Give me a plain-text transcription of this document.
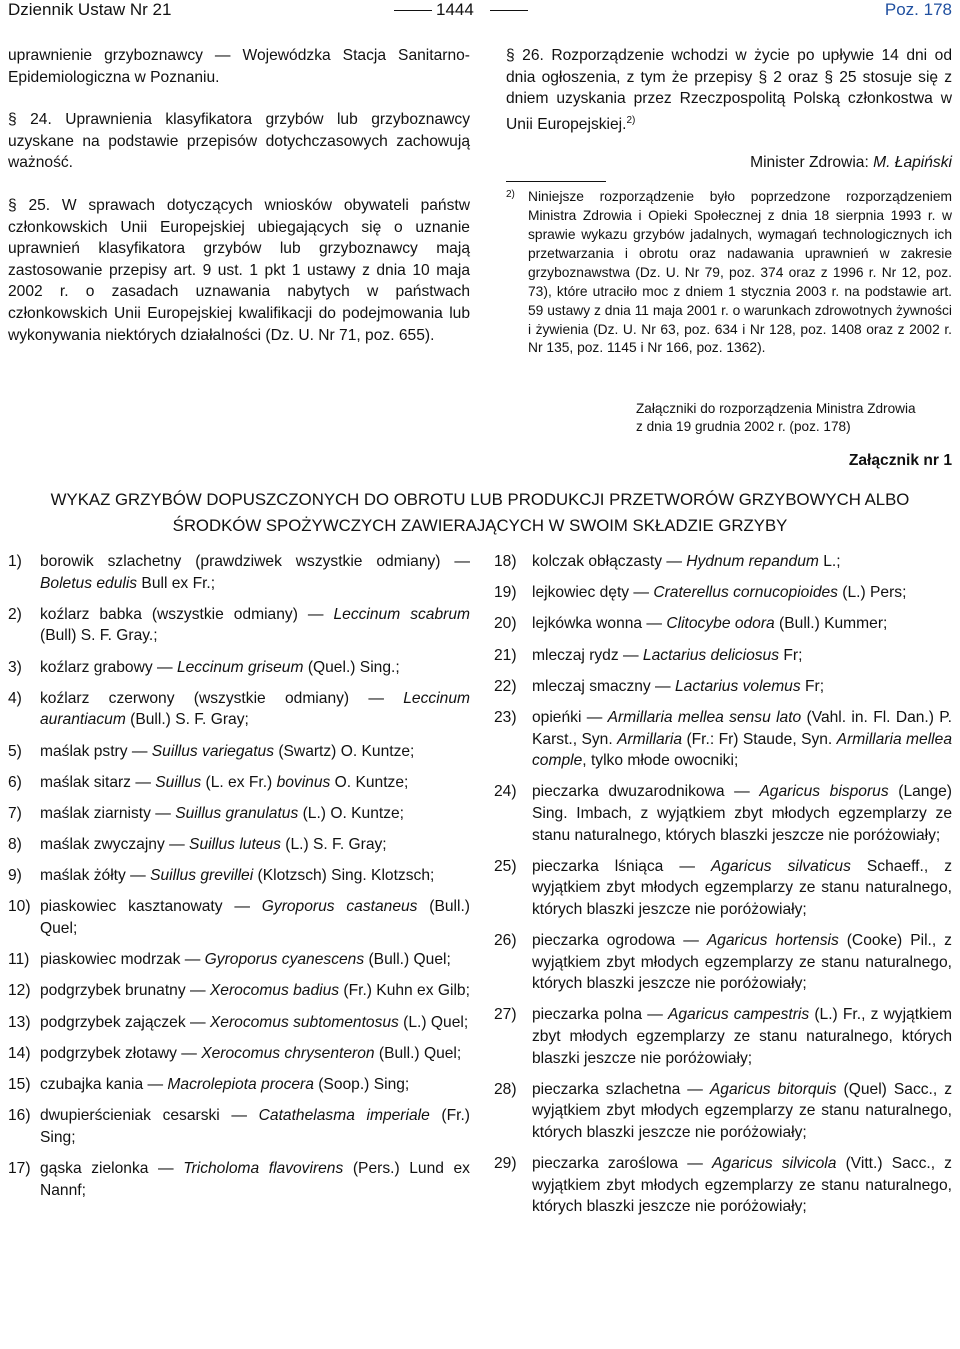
Dziennik Ustaw Nr 21	1444	Poz. 178

uprawnienie grzyboznawcy — Wojewódzka Stacja Sanitarno-Epidemiologiczna w Poznaniu.

§ 24. Uprawnienia klasyfikatora grzybów lub grzyboznawcy uzyskane na podstawie przepisów dotychczasowych zachowują ważność.

§ 25. W sprawach dotyczących wniosków obywateli państw członkowskich Unii Europejskiej ubiegających się o uznanie uprawnień klasyfikatora grzybów lub grzyboznawcy mają zastosowanie przepisy art. 9 ust. 1 pkt 1 ustawy z dnia 10 maja 2002 r. o zasadach uznawania nabytych w państwach członkowskich Unii Europejskiej kwalifikacji do podejmowania lub wykonywania niektórych działalności (Dz. U. Nr 71, poz. 655).

§ 26. Rozporządzenie wchodzi w życie po upływie 14 dni od dnia ogłoszenia, z tym że przepisy § 2 oraz § 25 stosuje się z dniem uzyskania przez Rzeczpospolitą Polską członkostwa w Unii Europejskiej.$^{2)}$

Minister Zdrowia: M. Łapiński
2) Niniejsze rozporządzenie było poprzedzone rozporządzeniem Ministra Zdrowia i Opieki Społecznej z dnia 18 sierpnia 1993 r. w sprawie wykazu grzybów jadalnych, wymagań technologicznych ich przetwarzania i obrotu oraz nadawania uprawnień w zakresie grzyboznawstwa (Dz. U. Nr 79, poz. 374 oraz z 1996 r. Nr 12, poz. 73), które utraciło moc z dniem 1 stycznia 2003 r. na podstawie art. 59 ustawy z dnia 11 maja 2001 r. o warunkach zdrowotnych żywności i żywienia (Dz. U. Nr 63, poz. 634 i Nr 128, poz. 1408 oraz z 2002 r. Nr 135, poz. 1145 i Nr 166, poz. 1362).
Załączniki do rozporządzenia Ministra Zdrowia
z dnia 19 grudnia 2002 r. (poz. 178)
Załącznik nr 1
WYKAZ GRZYBÓW DOPUSZCZONYCH DO OBROTU LUB PRODUKCJI PRZETWORÓW GRZYBOWYCH ALBO
ŚRODKÓW SPOŻYWCZYCH ZAWIERAJĄCYCH W SWOIM SKŁADZIE GRZYBY
1) borowik szlachetny (prawdziwek wszystkie odmiany) — Boletus edulis Bull ex Fr.;
2) koźlarz babka (wszystkie odmiany) — Leccinum scabrum (Bull) S. F. Gray.;
3) koźlarz grabowy — Leccinum griseum (Quel.) Sing.;
4) koźlarz czerwony (wszystkie odmiany) — Leccinum aurantiacum (Bull.) S. F. Gray;
5) maślak pstry — Suillus variegatus (Swartz) O. Kuntze;
6) maślak sitarz — Suillus (L. ex Fr.) bovinus O. Kuntze;
7) maślak ziarnisty — Suillus granulatus (L.) O. Kuntze;
8) maślak zwyczajny — Suillus luteus (L.) S. F. Gray;
9) maślak żółty — Suillus grevillei (Klotzsch) Sing. Klotzsch;
10) piaskowiec kasztanowaty — Gyroporus castaneus (Bull.) Quel;
11) piaskowiec modrzak — Gyroporus cyanescens (Bull.) Quel;
12) podgrzybek brunatny — Xerocomus badius (Fr.) Kuhn ex Gilb;
13) podgrzybek zajączek — Xerocomus subtomentosus (L.) Quel;
14) podgrzybek złotawy — Xerocomus chrysenteron (Bull.) Quel;
15) czubajka kania — Macrolepiota procera (Soop.) Sing;
16) dwupierścieniak cesarski — Catathelasma imperiale (Fr.) Sing;
17) gąska zielonka — Tricholoma flavovirens (Pers.) Lund ex Nannf;
18) kolczak obłączasty — Hydnum repandum L.;
19) lejkowiec dęty — Craterellus cornucopioides (L.) Pers;
20) lejkówka wonna — Clitocybe odora (Bull.) Kummer;
21) mleczaj rydz — Lactarius deliciosus Fr;
22) mleczaj smaczny — Lactarius volemus Fr;
23) opieńki — Armillaria mellea sensu lato (Vahl. in. Fl. Dan.) P. Karst., Syn. Armillaria (Fr.: Fr) Staude, Syn. Armillaria mellea comple, tylko młode owocniki;
24) pieczarka dwuzarodnikowa — Agaricus bisporus (Lange) Sing. Imbach, z wyjątkiem zbyt młodych egzemplarzy ze stanu naturalnego, których blaszki jeszcze nie poróżowiały;
25) pieczarka lśniąca — Agaricus silvaticus Schaeff., z wyjątkiem zbyt młodych egzemplarzy ze stanu naturalnego, których blaszki jeszcze nie poróżowiały;
26) pieczarka ogrodowa — Agaricus hortensis (Cooke) Pil., z wyjątkiem zbyt młodych egzemplarzy ze stanu naturalnego, których blaszki jeszcze nie poróżowiały;
27) pieczarka polna — Agaricus campestris (L.) Fr., z wyjątkiem zbyt młodych egzemplarzy ze stanu naturalnego, których blaszki jeszcze nie poróżowiały;
28) pieczarka szlachetna — Agaricus bitorquis (Quel) Sacc., z wyjątkiem zbyt młodych egzemplarzy ze stanu naturalnego, których blaszki jeszcze nie poróżowiały;
29) pieczarka zaroślowa — Agaricus silvicola (Vitt.) Sacc., z wyjątkiem zbyt młodych egzemplarzy ze stanu naturalnego, których blaszki jeszcze nie poróżowiały;
